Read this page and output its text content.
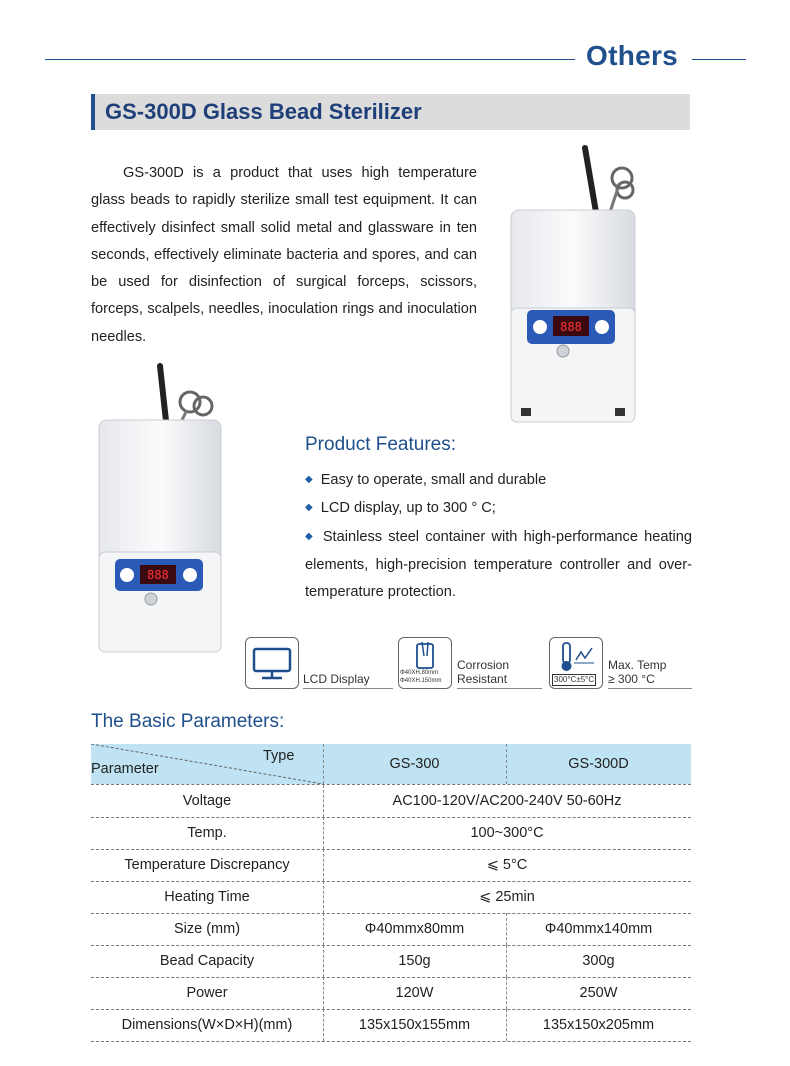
Others
GS-300D Glass Bead Sterilizer

GS-300D is a product that uses high temperature glass beads to rapidly sterilize small test equipment. It can effectively disinfect small solid metal and glassware in ten seconds, effectively eliminate bacteria and spores, and can be used for disinfection of surgical forceps, scissors, forceps, scalpels, needles, inoculation rings and inoculation needles.

888
888
Product Features:
◆ Easy to operate, small and durable
◆ LCD display, up to 300 ° C;
◆ Stainless steel container with high-performance heating elements, high-precision temperature controller and over-temperature protection.
LCD Display	Φ40XH.80mm
Φ40XH.150mm
Corrosion
Resistant	300°C±5°C
Max. Temp
≥ 300 °C
The Basic Parameters:
Type
Parameter	GS-300	GS-300D
Voltage	AC100-120V/AC200-240V 50-60Hz
Temp.	100~300°C
Temperature Discrepancy	⩽ 5°C
Heating Time	⩽ 25min
Size (mm)	Φ40mmx80mm	Φ40mmx140mm
Bead Capacity	150g	300g
Power	120W	250W
Dimensions(W×D×H)(mm)	135x150x155mm	135x150x205mm
